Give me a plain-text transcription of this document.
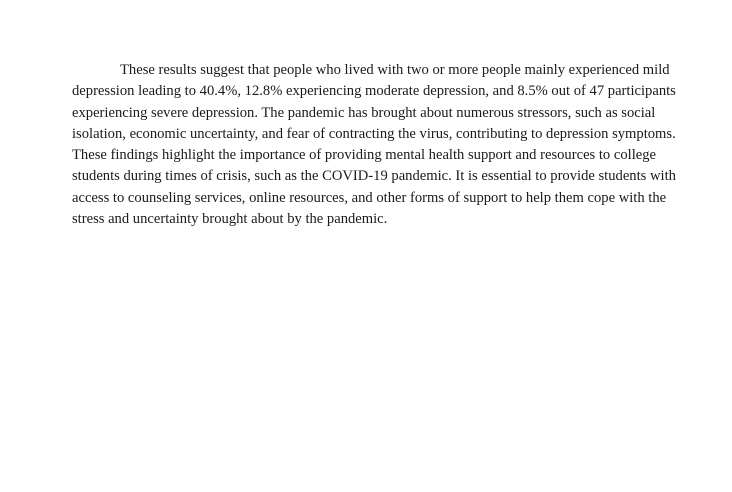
These results suggest that people who lived with two or more people mainly experienced mild depression leading to 40.4%, 12.8% experiencing moderate depression, and 8.5% out of 47 participants experiencing severe depression. The pandemic has brought about numerous stressors, such as social isolation, economic uncertainty, and fear of contracting the virus, contributing to depression symptoms. These findings highlight the importance of providing mental health support and resources to college students during times of crisis, such as the COVID-19 pandemic. It is essential to provide students with access to counseling services, online resources, and other forms of support to help them cope with the stress and uncertainty brought about by the pandemic.
